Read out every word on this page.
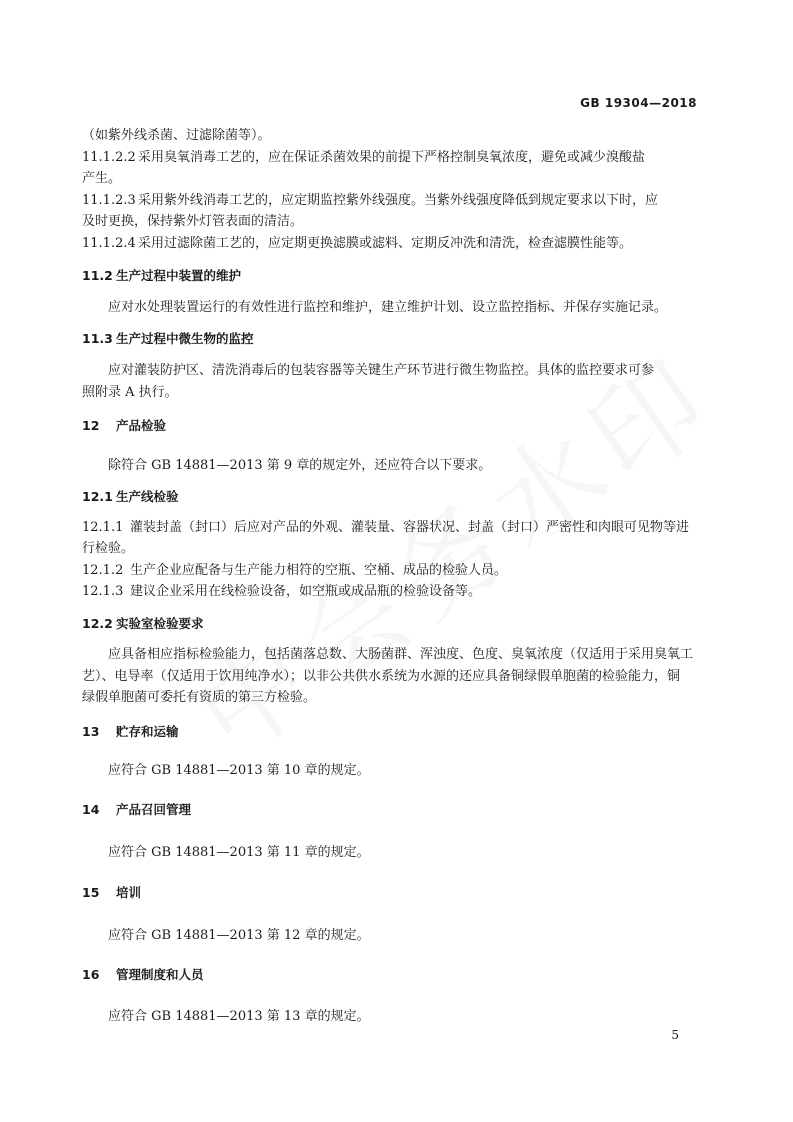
GB 19304—2018
（如紫外线杀菌、过滤除菌等）。
11.1.2.2 采用臭氧消毒工艺的，应在保证杀菌效果的前提下严格控制臭氧浓度，避免或减少溴酸盐
产生。
11.1.2.3 采用紫外线消毒工艺的，应定期监控紫外线强度。当紫外线强度降低到规定要求以下时，应
及时更换，保持紫外灯管表面的清洁。
11.1.2.4 采用过滤除菌工艺的，应定期更换滤膜或滤料、定期反冲洗和清洗，检查滤膜性能等。
11.2 生产过程中装置的维护
应对水处理装置运行的有效性进行监控和维护，建立维护计划、设立监控指标、并保存实施记录。
11.3 生产过程中微生物的监控
应对灌装防护区、清洗消毒后的包装容器等关键生产环节进行微生物监控。具体的监控要求可参
照附录 A 执行。
12 产品检验
除符合 GB 14881—2013 第 9 章的规定外，还应符合以下要求。
12.1 生产线检验
12.1.1 灌装封盖（封口）后应对产品的外观、灌装量、容器状况、封盖（封口）严密性和肉眼可见物等进
行检验。
12.1.2 生产企业应配备与生产能力相符的空瓶、空桶、成品的检验人员。
12.1.3 建议企业采用在线检验设备，如空瓶或成品瓶的检验设备等。
12.2 实验室检验要求
应具备相应指标检验能力，包括菌落总数、大肠菌群、浑浊度、色度、臭氧浓度（仅适用于采用臭氧工
艺）、电导率（仅适用于饮用纯净水）；以非公共供水系统为水源的还应具备铜绿假单胞菌的检验能力，铜
绿假单胞菌可委托有资质的第三方检验。
13 贮存和运输
应符合 GB 14881—2013 第 10 章的规定。
14 产品召回管理
应符合 GB 14881—2013 第 11 章的规定。
15 培训
应符合 GB 14881—2013 第 12 章的规定。
16 管理制度和人员
应符合 GB 14881—2013 第 13 章的规定。
5
